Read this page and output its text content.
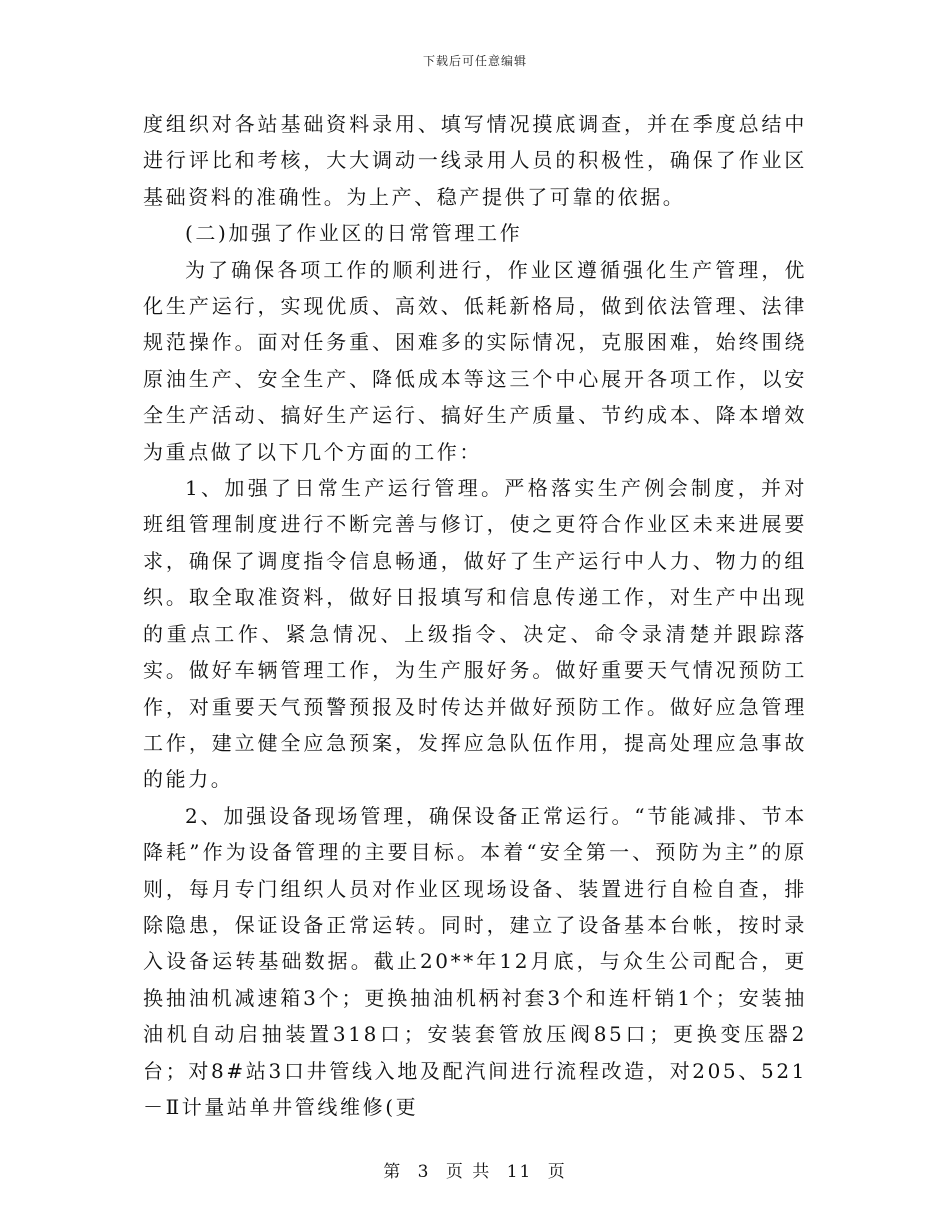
下载后可任意编辑

度组织对各站基础资料录用、填写情况摸底调查，并在季度总结中进行评比和考核，大大调动一线录用人员的积极性，确保了作业区基础资料的准确性。为上产、稳产提供了可靠的依据。

(二)加强了作业区的日常管理工作

为了确保各项工作的顺利进行，作业区遵循强化生产管理，优化生产运行，实现优质、高效、低耗新格局，做到依法管理、法律规范操作。面对任务重、困难多的实际情况，克服困难，始终围绕原油生产、安全生产、降低成本等这三个中心展开各项工作，以安全生产活动、搞好生产运行、搞好生产质量、节约成本、降本增效为重点做了以下几个方面的工作：

1、加强了日常生产运行管理。严格落实生产例会制度，并对班组管理制度进行不断完善与修订，使之更符合作业区未来进展要求，确保了调度指令信息畅通，做好了生产运行中人力、物力的组织。取全取准资料，做好日报填写和信息传递工作，对生产中出现的重点工作、紧急情况、上级指令、决定、命令录清楚并跟踪落实。做好车辆管理工作，为生产服好务。做好重要天气情况预防工作，对重要天气预警预报及时传达并做好预防工作。做好应急管理工作，建立健全应急预案，发挥应急队伍作用，提高处理应急事故的能力。

2、加强设备现场管理，确保设备正常运行。“节能减排、节本降耗”作为设备管理的主要目标。本着“安全第一、预防为主”的原则，每月专门组织人员对作业区现场设备、装置进行自检自查，排除隐患，保证设备正常运转。同时，建立了设备基本台帐，按时录入设备运转基础数据。截止20**年12月底，与众生公司配合，更换抽油机减速箱3个；更换抽油机柄衬套3个和连杆销1个；安装抽油机自动启抽装置318口；安装套管放压阀85口；更换变压器2台；对8#站3口井管线入地及配汽间进行流程改造，对205、521－Ⅱ计量站单井管线维修(更

第 3 页 共 11 页
